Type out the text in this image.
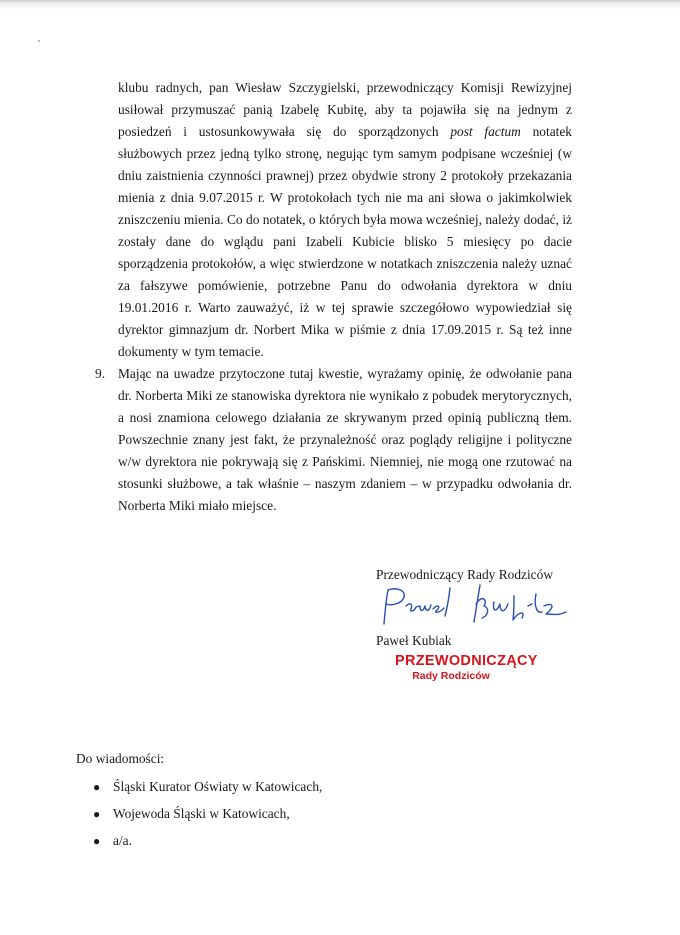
klubu radnych, pan Wiesław Szczygielski, przewodniczący Komisji Rewizyjnej usiłował przymuszać panią Izabelę Kubitę, aby ta pojawiła się na jednym z posiedzeń i ustosunkowywała się do sporządzonych post factum notatek służbowych przez jedną tylko stronę, negując tym samym podpisane wcześniej (w dniu zaistnienia czynności prawnej) przez obydwie strony 2 protokoły przekazania mienia z dnia 9.07.2015 r. W protokołach tych nie ma ani słowa o jakimkolwiek zniszczeniu mienia. Co do notatek, o których była mowa wcześniej, należy dodać, iż zostały dane do wglądu pani Izabeli Kubicie blisko 5 miesięcy po dacie sporządzenia protokołów, a więc stwierdzone w notatkach zniszczenia należy uznać za fałszywe pomówienie, potrzebne Panu do odwołania dyrektora w dniu 19.01.2016 r. Warto zauważyć, iż w tej sprawie szczegółowo wypowiedział się dyrektor gimnazjum dr. Norbert Mika w piśmie z dnia 17.09.2015 r. Są też inne dokumenty w tym temacie.

9. Mając na uwadze przytoczone tutaj kwestie, wyrażamy opinię, że odwołanie pana dr. Norberta Miki ze stanowiska dyrektora nie wynikało z pobudek merytorycznych, a nosi znamiona celowego działania ze skrywanym przed opinią publiczną tłem. Powszechnie znany jest fakt, że przynależność oraz poglądy religijne i polityczne w/w dyrektora nie pokrywają się z Pańskimi. Niemniej, nie mogą one rzutować na stosunki służbowe, a tak właśnie – naszym zdaniem – w przypadku odwołania dr. Norberta Miki miało miejsce.

Przewodniczący Rady Rodziców
Paweł Kubiak
PRZEWODNICZĄCY
Rady Rodziców
Do wiadomości:
● Śląski Kurator Oświaty w Katowicach,
● Wojewoda Śląski w Katowicach,
● a/a.
